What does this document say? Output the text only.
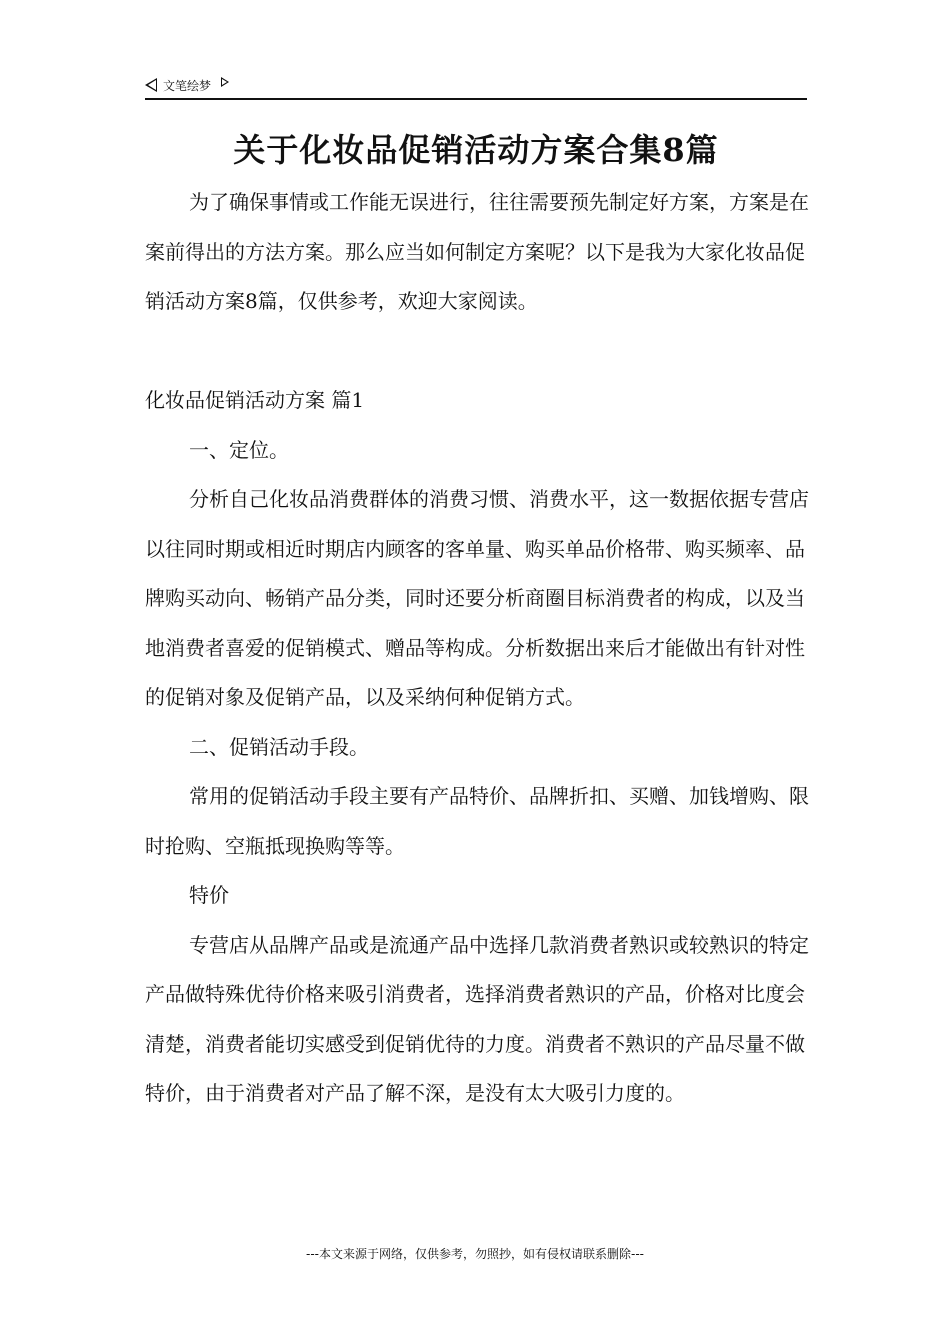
文笔绘梦
关于化妆品促销活动方案合集8篇

为了确保事情或工作能无误进行，往往需要预先制定好方案，方案是在案前得出的方法方案。那么应当如何制定方案呢？以下是我为大家化妆品促销活动方案8篇，仅供参考，欢迎大家阅读。

化妆品促销活动方案 篇1

一、定位。

分析自己化妆品消费群体的消费习惯、消费水平，这一数据依据专营店以往同时期或相近时期店内顾客的客单量、购买单品价格带、购买频率、品牌购买动向、畅销产品分类，同时还要分析商圈目标消费者的构成，以及当地消费者喜爱的促销模式、赠品等构成。分析数据出来后才能做出有针对性的促销对象及促销产品，以及采纳何种促销方式。

二、促销活动手段。

常用的促销活动手段主要有产品特价、品牌折扣、买赠、加钱增购、限时抢购、空瓶抵现换购等等。

特价

专营店从品牌产品或是流通产品中选择几款消费者熟识或较熟识的特定产品做特殊优待价格来吸引消费者，选择消费者熟识的产品，价格对比度会清楚，消费者能切实感受到促销优待的力度。消费者不熟识的产品尽量不做特价，由于消费者对产品了解不深，是没有太大吸引力度的。

---本文来源于网络，仅供参考，勿照抄，如有侵权请联系删除---
